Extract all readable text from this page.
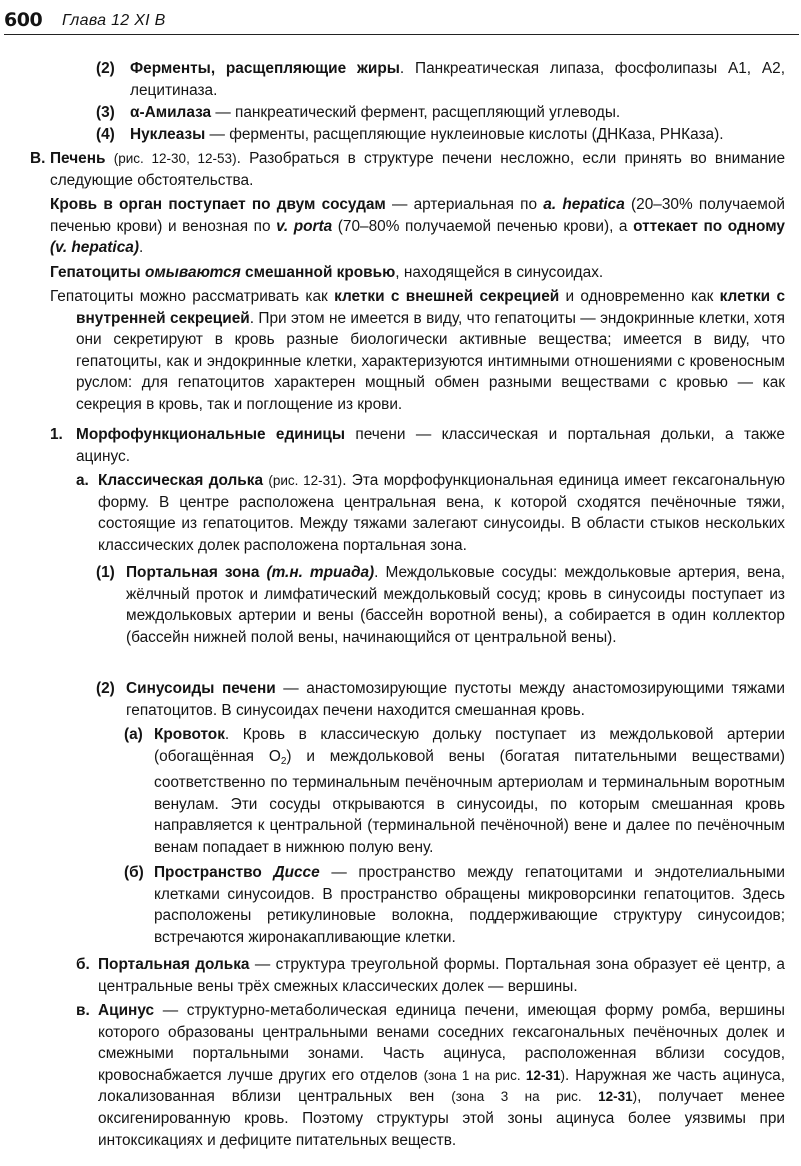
600 Глава 12 XI В
(2) Ферменты, расщепляющие жиры. Панкреатическая липаза, фосфолипазы А1, А2, лецитиназа.

(3) α-Амилаза — панкреатический фермент, расщепляющий углеводы.

(4) Нуклеазы — ферменты, расщепляющие нуклеиновые кислоты (ДНКаза, РНКаза).

В. Печень (рис. 12-30, 12-53). Разобраться в структуре печени несложно, если принять во внимание следующие обстоятельства.

Кровь в орган поступает по двум сосудам — артериальная по a. hepatica (20–30% получаемой печенью крови) и венозная по v. porta (70–80% получаемой печенью крови), а оттекает по одному (v. hepatica).

Гепатоциты омываются смешанной кровью, находящейся в синусоидах.

Гепатоциты можно рассматривать как клетки с внешней секрецией и одновременно как клетки с внутренней секрецией. При этом не имеется в виду, что гепатоциты — эндокринные клетки, хотя они секретируют в кровь разные биологически активные вещества; имеется в виду, что гепатоциты, как и эндокринные клетки, характеризуются интимными отношениями с кровеносным руслом: для гепатоцитов характерен мощный обмен разными веществами с кровью — как секреция в кровь, так и поглощение из крови.

1. Морфофункциональные единицы печени — классическая и портальная дольки, а также ацинус.

а. Классическая долька (рис. 12-31). Эта морфофункциональная единица имеет гексагональную форму. В центре расположена центральная вена, к которой сходятся печёночные тяжи, состоящие из гепатоцитов. Между тяжами залегают синусоиды. В области стыков нескольких классических долек расположена портальная зона.

(1) Портальная зона (т.н. триада). Междольковые сосуды: междольковые артерия, вена, жёлчный проток и лимфатический междольковый сосуд; кровь в синусоиды поступает из междольковых артерии и вены (бассейн воротной вены), а собирается в один коллектор (бассейн нижней полой вены, начинающийся от центральной вены).

(2) Синусоиды печени — анастомозирующие пустоты между анастомозирующими тяжами гепатоцитов. В синусоидах печени находится смешанная кровь.

(а) Кровоток. Кровь в классическую дольку поступает из междольковой артерии (обогащённая $O_2$) и междольковой вены (богатая питательными веществами) соответственно по терминальным печёночным артериолам и терминальным воротным венулам. Эти сосуды открываются в синусоиды, по которым смешанная кровь направляется к центральной (терминальной печёночной) вене и далее по печёночным венам попадает в нижнюю полую вену.

(б) Пространство Диссе — пространство между гепатоцитами и эндотелиальными клетками синусоидов. В пространство обращены микроворсинки гепатоцитов. Здесь расположены ретикулиновые волокна, поддерживающие структуру синусоидов; встречаются жиронакапливающие клетки.

б. Портальная долька — структура треугольной формы. Портальная зона образует её центр, а центральные вены трёх смежных классических долек — вершины.

в. Ацинус — структурно-метаболическая единица печени, имеющая форму ромба, вершины которого образованы центральными венами соседних гексагональных печёночных долек и смежными портальными зонами. Часть ацинуса, расположенная вблизи сосудов, кровоснабжается лучше других его отделов (зона 1 на рис. 12-31). Наружная же часть ацинуса, локализованная вблизи центральных вен (зона 3 на рис. 12-31), получает менее оксигенированную кровь. Поэтому структуры этой зоны ацинуса более уязвимы при интоксикациях и дефиците питательных веществ.
